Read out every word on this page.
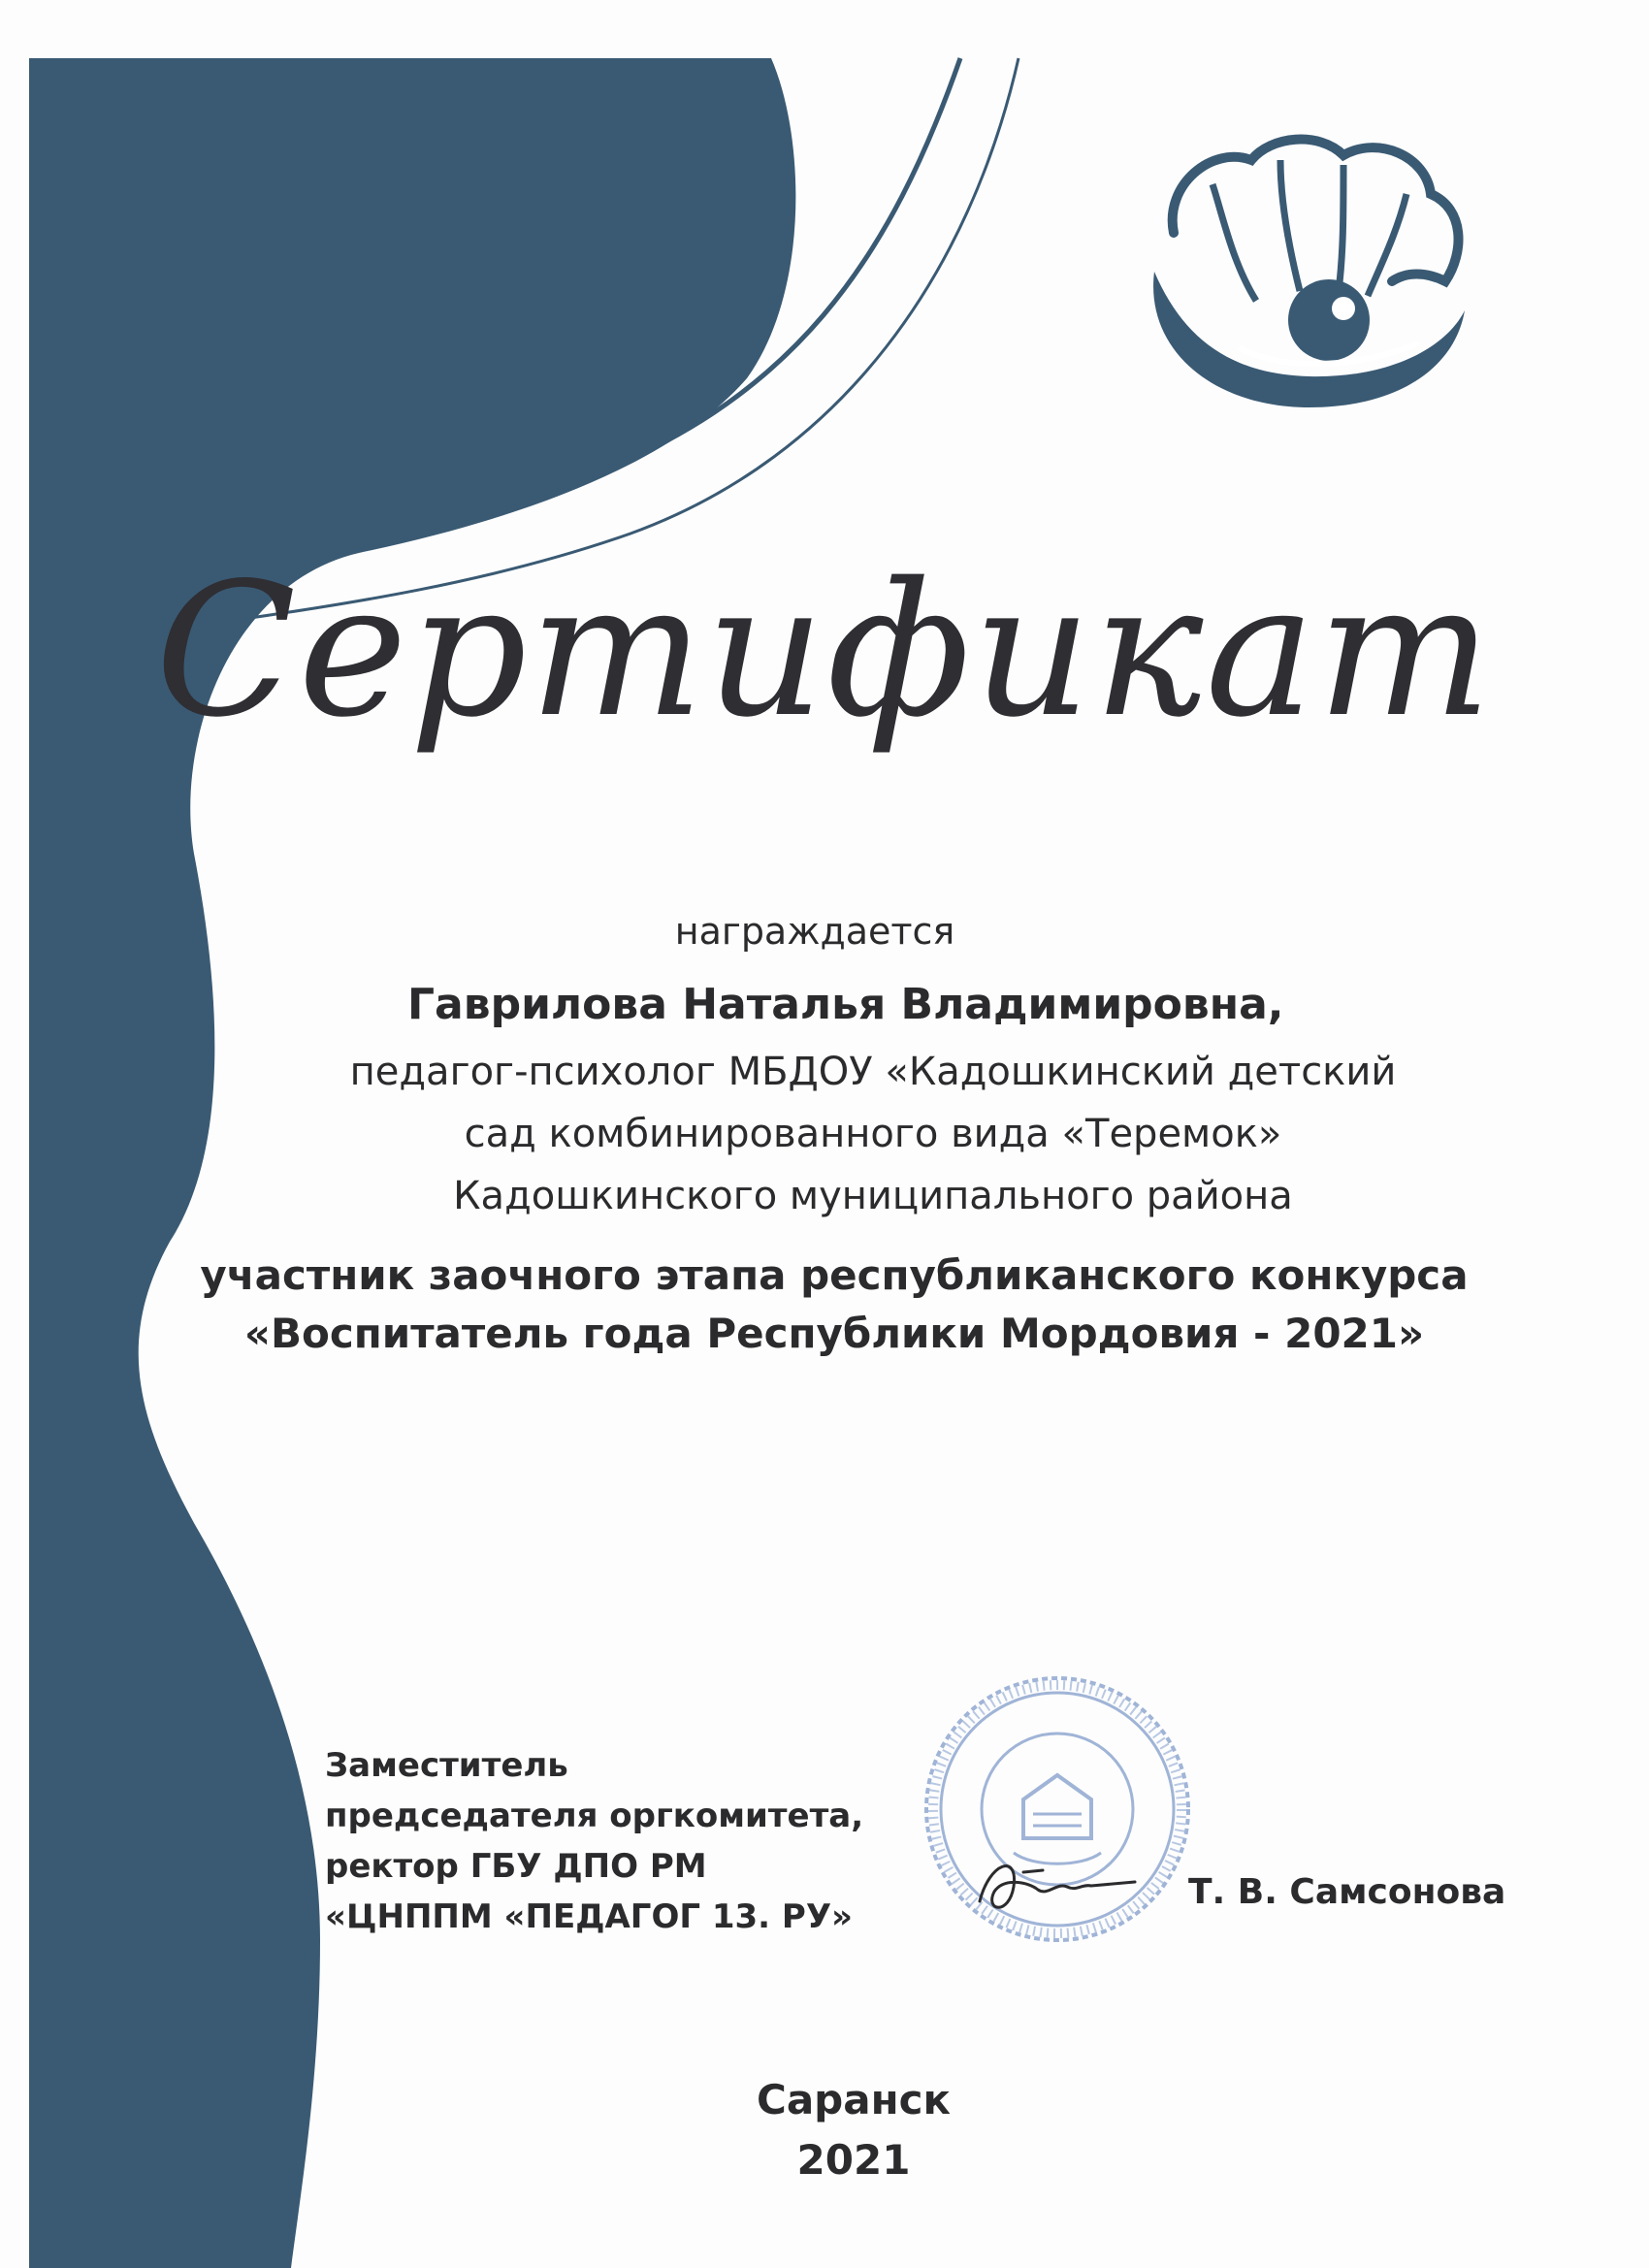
Сертификат
награждается
Гаврилова Наталья Владимировна,
педагог-психолог МБДОУ «Кадошкинский детский
сад комбинированного вида «Теремок»
Кадошкинского муниципального района
участник заочного этапа республиканского конкурса
«Воспитатель года Республики Мордовия - 2021»
Заместитель
председателя оргкомитета,
ректор ГБУ ДПО РМ
«ЦНППМ «ПЕДАГОГ 13. РУ»
Т. В. Самсонова
Саранск
2021
